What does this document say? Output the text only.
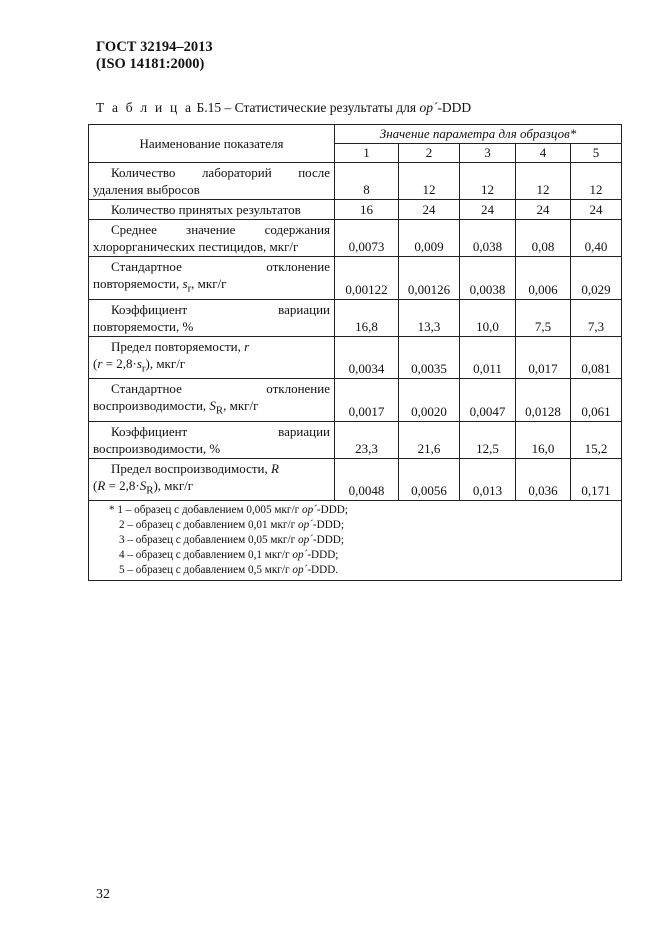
ГОСТ 32194–2013
(ISO 14181:2000)
Т а б л и ц а Б.15 – Статистические результаты для op´-DDD
Наименование показателя	Значение параметра для образцов*				
	1	2	3	4	5
Количество лабораторий после удаления выбросов	8	12	12	12	12
Количество принятых результатов	16	24	24	24	24
Среднее значение содержания хлорорганических пестицидов, мкг/г	0,0073	0,009	0,038	0,08	0,40
Стандартное отклонение повторяемости, $s_r$, мкг/г	0,00122	0,00126	0,0038	0,006	0,029
Коэффициент вариации повторяемости, %	16,8	13,3	10,0	7,5	7,3
Предел повторяемости, r
$(r = 2,8\cdot s_r)$, мкг/г	0,0034	0,0035	0,011	0,017	0,081
Стандартное отклонение воспроизводимости, $S_R$, мкг/г	0,0017	0,0020	0,0047	0,0128	0,061
Коэффициент вариации воспроизводимости, %	23,3	21,6	12,5	16,0	15,2
Предел воспроизводимости, R
$(R = 2,8\cdot S_R)$, мкг/г	0,0048	0,0056	0,013	0,036	0,171

* 1 – образец с добавлением 0,005 мкг/г op´-DDD;
2 – образец с добавлением 0,01 мкг/г op´-DDD;
3 – образец с добавлением 0,05 мкг/г op´-DDD;
4 – образец с добавлением 0,1 мкг/г op´-DDD;
5 – образец с добавлением 0,5 мкг/г op´-DDD.					
32
